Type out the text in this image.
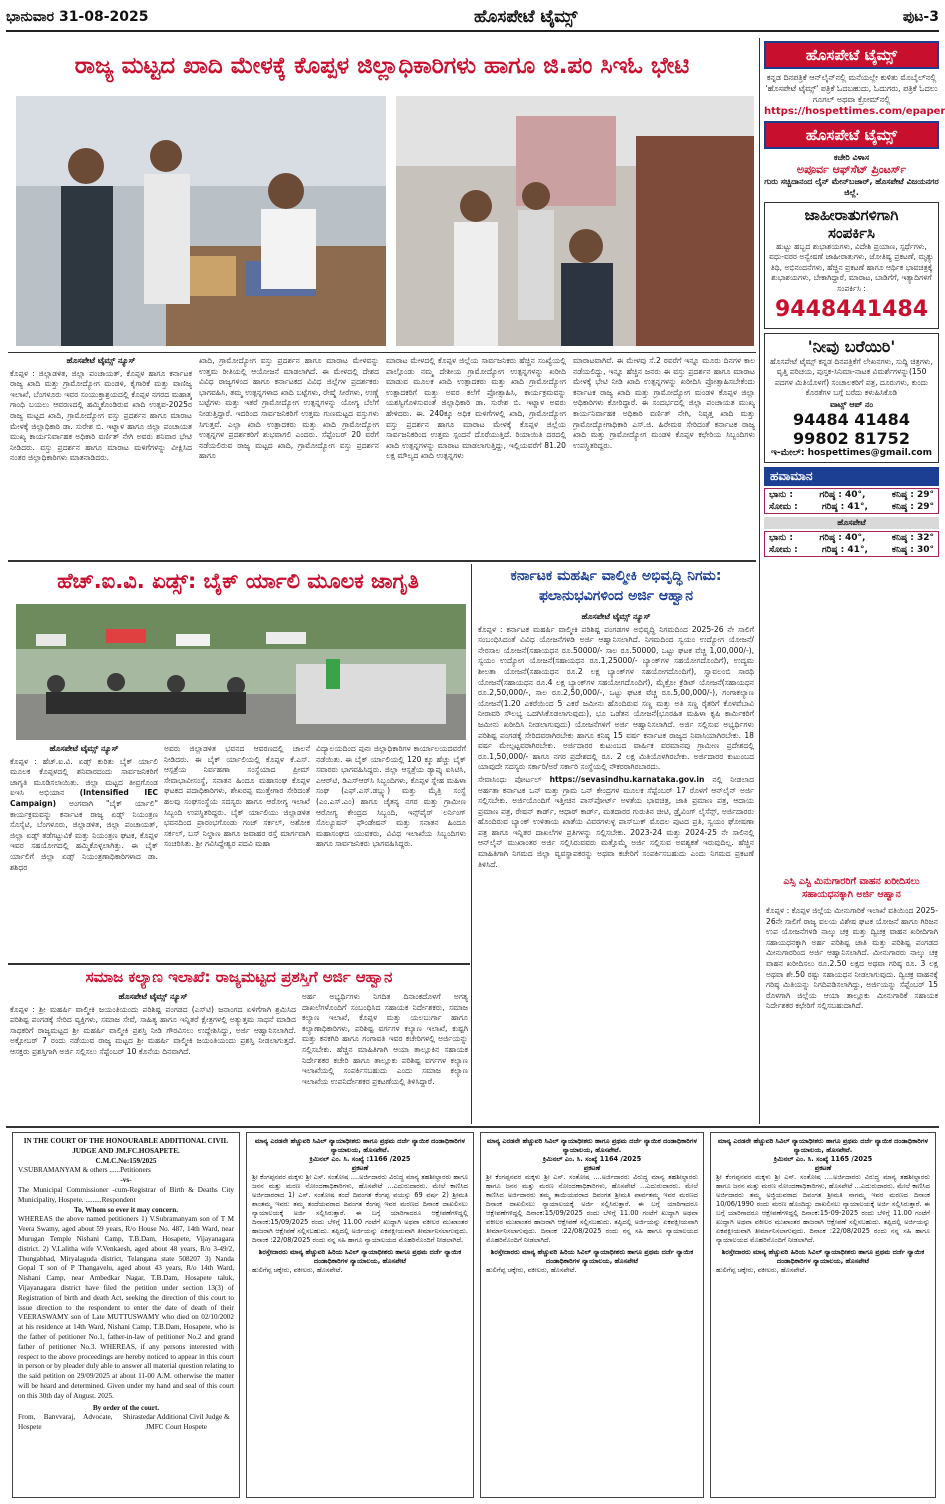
ಭಾನುವಾರ 31-08-2025	ಹೊಸಪೇಟೆ ಟೈಮ್ಸ್	ಪುಟ-3
ರಾಜ್ಯ ಮಟ್ಟದ ಖಾದಿ ಮೇಳಕ್ಕೆ ಕೊಪ್ಪಳ ಜಿಲ್ಲಾಧಿಕಾರಿಗಳು ಹಾಗೂ ಜಿ.ಪಂ ಸಿಇಓ ಭೇಟಿ
ಹೊಸಪೇಟೆ ಟೈಮ್ಸ್ ನ್ಯೂಸ್

ಕೊಪ್ಪಳ : ಜಿಲ್ಲಾಡಳಿತ, ಜಿಲ್ಲಾ ಪಂಚಾಯತ್, ಕೊಪ್ಪಳ ಹಾಗೂ ಕರ್ನಾಟಕ ರಾಜ್ಯ ಖಾದಿ ಮತ್ತು ಗ್ರಾಮೋದ್ಯೋಗ ಮಂಡಳಿ, ಕೈಗಾರಿಕೆ ಮತ್ತು ವಾಣಿಜ್ಯ ಇಲಾಖೆ, ಬೆಂಗಳೂರು ಇವರ ಸಂಯುಕ್ತಾಶ್ರಯದಲ್ಲಿ ಕೊಪ್ಪಳ ನಗರದ ಮಹಾತ್ಮ ಗಾಂಧಿ ಬಯಲು ಆವರಣದಲ್ಲಿ ಹಮ್ಮಿಕೊಂಡಿರುವ ಖಾದಿ ಉತ್ಸವ-2025ರ ರಾಜ್ಯ ಮಟ್ಟದ ಖಾದಿ, ಗ್ರಾಮೋದ್ಯೋಗ ವಸ್ತು ಪ್ರದರ್ಶನ ಹಾಗೂ ಮಾರಾಟ ಮೇಳಕ್ಕೆ ಜಿಲ್ಲಾಧಿಕಾರಿ ಡಾ. ಸುರೇಶ ಬಿ. ಇಟ್ನಾಳ ಹಾಗೂ ಜಿಲ್ಲಾ ಪಂಚಾಯತ ಮುಖ್ಯ ಕಾರ್ಯನಿರ್ವಾಹಕ ಅಧಿಕಾರಿ ವರ್ಣಿತ್ ನೇಗಿ ಅವರು ಶನಿವಾರ ಭೇಟಿ ನೀಡಿದರು. ವಸ್ತು ಪ್ರದರ್ಶನ ಹಾಗೂ ಮಾರಾಟ ಮಳಿಗೆಗಳನ್ನು ವೀಕ್ಷಿಸಿದ ನಂತರ ಜಿಲ್ಲಾಧಿಕಾರಿಗಳು ಮಾತನಾಡಿದರು.

ಖಾದಿ, ಗ್ರಾಮೋದ್ಯೋಗ ವಸ್ತು ಪ್ರದರ್ಶನ ಹಾಗೂ ಮಾರಾಟ ಮೇಳವನ್ನು ಉತ್ತಮ ರೀತಿಯಲ್ಲಿ ಆಯೋಜನೆ ಮಾಡಲಾಗಿದೆ. ಈ ಮೇಳದಲ್ಲಿ ದೇಶದ ವಿವಿಧ ರಾಜ್ಯಗಳಿಂದ ಹಾಗೂ ಕರ್ನಾಟಕದ ವಿವಿಧ ಜಿಲ್ಲೆಗಳ ಪ್ರದರ್ಶಕರು ಭಾಗವಹಿಸಿ, ತಮ್ಮ ಉತ್ಪನ್ನಗಳಾದ ಖಾದಿ ಬಟ್ಟೆಗಳು, ರೇಷ್ಮೆ ಸೀರೆಗಳು, ಉಣ್ಣೆ ಬಟ್ಟೆಗಳು ಮತ್ತು ಇತರೆ ಗ್ರಾಮೋದ್ಯೋಗ ಉತ್ಪನ್ನಗಳನ್ನು ಯೋಗ್ಯ ಬೆಲೆಗೆ ನೀಡುತ್ತಿದ್ದಾರೆ. ಇದರಿಂದ ಸಾರ್ವಜನಿಕರಿಗೆ ಉತ್ತಮ ಗುಣಮಟ್ಟದ ವಸ್ತುಗಳು ಸಿಗುತ್ತವೆ. ಎಲ್ಲಾ ಖಾದಿ ಉತ್ಪಾದಕರು ಮತ್ತು ಖಾದಿ ಗ್ರಾಮೋದ್ಯೋಗ ಉತ್ಪನ್ನಗಳ ಪ್ರದರ್ಶಕರಿಗೆ ಶುಭವಾಗಲಿ ಎಂದರು. ಸೆಪ್ಟೆಂಬರ್ 20 ವರೆಗೆ ನಡೆಯಲಿರುವ ರಾಜ್ಯ ಮಟ್ಟದ ಖಾದಿ, ಗ್ರಾಮೋದ್ಯೋಗ ವಸ್ತು ಪ್ರದರ್ಶನ ಹಾಗೂ

ಮಾರಾಟ ಮೇಳದಲ್ಲಿ ಕೊಪ್ಪಳ ಜಿಲ್ಲೆಯ ಸಾರ್ವಜನಿಕರು ಹೆಚ್ಚಿನ ಸಂಖ್ಯೆಯಲ್ಲಿ ಪಾಲ್ಗೊಂಡು ನಮ್ಮ ದೇಶೀಯ ಗ್ರಾಮೋದ್ಯೋಗ ಉತ್ಪನ್ನಗಳನ್ನು ಖರೀದಿ ಮಾಡುವ ಮೂಲಕ ಖಾದಿ ಉತ್ಪಾದಕರು ಮತ್ತು ಖಾದಿ ಗ್ರಾಮೋದ್ಯೋಗ ಉತ್ಪಾದಕರಿಗೆ ಮತ್ತು ಅವರ ಕಲೆಗೆ ಪ್ರೋತ್ಸಾಹಿಸಿ, ಕಾರ್ಯಕ್ರಮವನ್ನು ಯಶಸ್ವಿಗೊಳಿಸುವಂತೆ ಜಿಲ್ಲಾಧಿಕಾರಿ ಡಾ. ಸುರೇಶ ಬಿ. ಇಟ್ನಾಳ ಅವರು ಹೇಳಿದರು. ಈ. 240ಕ್ಕೂ ಅಧಿಕ ಮಳಿಗೆಗಳಲ್ಲಿ ಖಾದಿ, ಗ್ರಾಮೋದ್ಯೋಗ ವಸ್ತು ಪ್ರದರ್ಶನ ಹಾಗೂ ಮಾರಾಟ ಮೇಳಕ್ಕೆ ಕೊಪ್ಪಳ ಜಿಲ್ಲೆಯ ಸಾರ್ವಜನಿಕರಿಂದ ಉತ್ತಮ ಸ್ಪಂದನೆ ದೊರೆಯುತ್ತಿದೆ. ರಿಯಾಯಿತಿ ದರದಲ್ಲಿ ಖಾದಿ ಉತ್ಪನ್ನಗಳನ್ನು ಮಾರಾಟ ಮಾಡಲಾಗುತ್ತಿದ್ದು, ಇಲ್ಲಿಯವರೆಗೆ 81.20 ಲಕ್ಷ ಮೌಲ್ಯದ ಖಾದಿ ಉತ್ಪನ್ನಗಳು

ಮಾರಾಟವಾಗಿವೆ. ಈ ಮೇಳವು ಸೆ.2 ರವರೆಗೆ ಇನ್ನೂ ಮೂರು ದಿನಗಳ ಕಾಲ ನಡೆಯಲಿದ್ದು, ಇನ್ನೂ ಹೆಚ್ಚಿನ ಜನರು ಈ ವಸ್ತು ಪ್ರದರ್ಶನ ಹಾಗೂ ಮಾರಾಟ ಮೇಳಕ್ಕೆ ಭೇಟಿ ನೀಡಿ ಖಾದಿ ಉತ್ಪನ್ನಗಳನ್ನು ಖರೀದಿಸಿ ಪ್ರೋತ್ಸಾಹಿಸಬೇಕೆಂದು ಕರ್ನಾಟಕ ರಾಜ್ಯ ಖಾದಿ ಮತ್ತು ಗ್ರಾಮೋದ್ಯೋಗ ಮಂಡಳಿ ಕೊಪ್ಪಳ ಜಿಲ್ಲಾ ಅಧಿಕಾರಿಗಳು ಕೋರಿದ್ದಾರೆ. ಈ ಸಂದರ್ಭದಲ್ಲಿ ಜಿಲ್ಲಾ ಪಂಚಾಯತ ಮುಖ್ಯ ಕಾರ್ಯನಿರ್ವಾಹಕ ಅಧಿಕಾರಿ ವರ್ಣಿತ್ ನೇಗಿ, ನಿವೃತ್ತ ಖಾದಿ ಮತ್ತು ಗ್ರಾಮೋದ್ಯೋಗಾಧಿಕಾರಿ ಎಸ್.ಜಿ. ಹಿರೇಮಠ ಸೇರಿದಂತೆ ಕರ್ನಾಟಕ ರಾಜ್ಯ ಖಾದಿ ಮತ್ತು ಗ್ರಾಮೋದ್ಯೋಗ ಮಂಡಳಿ ಕೊಪ್ಪಳ ಕಛೇರಿಯ ಸಿಬ್ಬಂದಿಗಳು ಉಪಸ್ಥಿತರಿದ್ದರು.

ಹೆಚ್.ಐ.ವಿ. ಏಡ್ಸ್: ಬೈಕ್ ರ್ಯಾಲಿ ಮೂಲಕ ಜಾಗೃತಿ
ಹೊಸಪೇಟೆ ಟೈಮ್ಸ್ ನ್ಯೂಸ್

ಕೊಪ್ಪಳ : ಹೆಚ್.ಐ.ವಿ. ಏಡ್ಸ್ ಕುರಿತು ಬೈಕ್ ರ್ಯಾಲಿ ಮೂಲಕ ಕೊಪ್ಪಳದಲ್ಲಿ ಶನಿವಾರದಂದು ಸಾರ್ವಜನಿಕರಿಗೆ ಜಾಗೃತಿ ಮೂಡಿಸಲಾಯಿತು. ಜಿಲ್ಲಾ ಮಟ್ಟದ ತೀವ್ರಗೊಂಡ ಐಇಸಿ ಅಭಿಯಾನ (Intensified IEC Campaign) ಅಂಗವಾಗಿ "ಬೈಕ್ ರ್ಯಾಲಿ" ಕಾರ್ಯಕ್ರಮವನ್ನು ಕರ್ನಾಟಕ ರಾಜ್ಯ ಏಡ್ಸ್ ನಿಯಂತ್ರಣ ಸೊಸೈಟಿ, ಬೆಂಗಳೂರು, ಜಿಲ್ಲಾಡಳಿತ, ಜಿಲ್ಲಾ ಪಂಚಾಯತ್, ಜಿಲ್ಲಾ ಏಡ್ಸ್ ತಡೆಗಟ್ಟುವಿಕೆ ಮತ್ತು ನಿಯಂತ್ರಣ ಘಟಕ, ಕೊಪ್ಪಳ ಇವರ ಸಹಯೋಗದಲ್ಲಿ ಹಮ್ಮಿಕೊಳ್ಳಲಾಗಿತ್ತು. ಈ ಬೈಕ್ ರ್ಯಾಲಿಗೆ ಜಿಲ್ಲಾ ಏಡ್ಸ್ ನಿಯಂತ್ರಣಾಧಿಕಾರಿಗಳಾದ ಡಾ. ಶಶಿಧರ

ಅವರು ಜಿಲ್ಲಾಡಳಿತ ಭವನದ ಆವರಣದಲ್ಲಿ ಚಾಲನೆ ನೀಡಿದರು. ಈ ಬೈಕ್ ರ್ಯಾಲಿಯಲ್ಲಿ ಕೊಪ್ಪಳ ಕೆ.ಎಸ್. ಆಸ್ಪತ್ರೆಯ ನಿರ್ವಹಣಾ ಸಂಸ್ಥೆಯಾದ ಪ್ರೀಮ್ ಸೇವಾಭಾವೀಸಂಸ್ಥೆ, ಸನಾತನ ಹಿಂದೂ ಮಹಾಸಂಘ ಕೊಪ್ಪಳ ಘಟಕದ ಪದಾಧಿಕಾರಿಗಳು, ಶೇಖರಪ್ಪ ಮುತ್ತೇಗಾರ ಸೇರಿದಂತೆ ಹಲವು ಸಂಘಸಂಸ್ಥೆಯ ಸದಸ್ಯರು ಹಾಗೂ ಆರೋಗ್ಯ ಇಲಾಖೆ ಸಿಬ್ಬಂದಿ ಉಪಸ್ಥಿತರಿದ್ದರು. ಬೈಕ್ ರ್ಯಾಲಿಯು ಜಿಲ್ಲಾಡಳಿತ ಭವನದಿಂದ ಪ್ರಾರಂಭಗೊಂಡು ಗಂಜ್ ಸರ್ಕಲ್, ಅಶೋಕ ಸರ್ಕಲ್, ಬಸ್ ನಿಲ್ದಾಣ ಹಾಗೂ ಜವಾಹರ ರಸ್ತೆ ಮಾರ್ಗವಾಗಿ ಸಂಚರಿಸಿತು. ಶ್ರೀ ಗವಿಸಿದ್ದೇಶ್ವರ ಪದವಿ ಮಹಾ

ವಿದ್ಯಾಲಯದಿಂದ ಪುನಃ ಜಿಲ್ಲಾಧಿಕಾರಿಗಳ ಕಾರ್ಯಾಲಯದವರೆಗೆ ನಡೆಯಿತು. ಈ ಬೈಕ್ ರ್ಯಾಲಿಯಲ್ಲಿ 120 ಕ್ಕೂ ಹೆಚ್ಚು ಬೈಕ್ ಸವಾರರು ಭಾಗವಹಿಸಿದ್ದರು. ಜಿಲ್ಲಾ ಆಸ್ಪತ್ರೆಯ ಡ್ಯಾಪ್ಕು ಐಸಿಟಿಸಿ, ಎಆರ್‌ಟಿ, ಡಿಎಸ್‌ಆರ್‌ಸಿ ಸಿಬ್ಬಂದಿಗಳು, ಕೊಪ್ಪಳ ಸ್ನೇಹ ಮಹಿಳಾ ಸಂಘ (ಎಫ್.ಎಸ್.ಡಬ್ಲ್ಯು) ಮತ್ತು ಮೈತ್ರಿ ಸಂಸ್ಥೆ (ಎಂ.ಎಸ್.ಎಂ) ಹಾಗೂ ಚೈತನ್ಯ ನಗರ ಮತ್ತು ಗ್ರಾಮೀಣ ಆರೋಗ್ಯ ಕೇಂದ್ರದ ಸಿಬ್ಬಂದಿ, ಇನ್ಸ್‌ಪೈರ್ ಲರ್ನಿಂಗ್ ಸೊಲ್ಯೂಷನ್ ಫೌಂಡೇಷನ್ ಮತ್ತು ಸನಾತನ ಹಿಂದೂ ಮಹಾಸಂಘದ ಯುವಕರು, ವಿವಿಧ ಇಲಾಖೆಯ ಸಿಬ್ಬಂದಿಗಳು ಹಾಗೂ ಸಾರ್ವಜನಿಕರು ಭಾಗವಹಿಸಿದ್ದರು.

ಕರ್ನಾಟಕ ಮಹರ್ಷಿ ವಾಲ್ಮೀಕಿ ಅಭಿವೃದ್ಧಿ ನಿಗಮ: ಫಲಾನುಭವಿಗಳಿಂದ ಅರ್ಜಿ ಆಹ್ವಾನ
ಹೊಸಪೇಟೆ ಟೈಮ್ಸ್ ನ್ಯೂಸ್

ಕೊಪ್ಪಳ : ಕರ್ನಾಟಕ ಮಹರ್ಷಿ ವಾಲ್ಮೀಕಿ ಪರಿಶಿಷ್ಟ ಪಂಗಡಗಳ ಅಭಿವೃದ್ಧಿ ನಿಗಮದಿಂದ 2025-26 ನೇ ಸಾಲಿಗೆ ಸಂಬಂಧಿಸಿದಂತೆ ವಿವಿಧ ಯೋಜನೆಗಳಡಿ ಅರ್ಜಿ ಆಹ್ವಾನಿಸಲಾಗಿದೆ. ನಿಗಮದಿಂದ ಸ್ವಯಂ ಉದ್ಯೋಗ ಯೋಜನೆ/ನೇರಸಾಲ ಯೋಜನೆ(ಸಹಾಯಧನ ರೂ.50000/- ಸಾಲ ರೂ.50000, ಒಟ್ಟು ಘಟಕ ವೆಚ್ಚ 1,00,000/-), ಸ್ವಯಂ ಉದ್ಯೋಗ ಯೋಜನೆ(ಸಹಾಯಧನ ರೂ.1,25000/- ಬ್ಯಾಂಕ್‌ಗಳ ಸಹಯೋಗದೊಂದಿಗೆ), ಉದ್ಯಮ ಶೀಲತಾ ಯೋಜನೆ(ಸಹಾಯಧನ ರೂ.2 ಲಕ್ಷ ಬ್ಯಾಂಕ್‌ಗಳ ಸಹಯೋಗದೊಂದಿಗೆ), ಸ್ವಾವಲಂಬಿ ಸಾರಥಿ ಯೋಜನೆ(ಸಹಾಯಧನ ರೂ.4 ಲಕ್ಷ ಬ್ಯಾಂಕ್‌ಗಳ ಸಹಯೋಗದೊಂದಿಗೆ), ಮೈಕ್ರೋ ಕ್ರೆಡಿಟ್ ಯೋಜನೆ(ಸಹಾಯಧನ ರೂ.2,50,000/-, ಸಾಲ ರೂ.2,50,000/-, ಒಟ್ಟು ಘಟಕ ವೆಚ್ಚ ರೂ.5,00,000/-), ಗಂಗಾಕಲ್ಯಾಣ ಯೋಜನೆ(1.20 ಎಕರೆಯಿಂದ 5 ಎಕರೆ ಜಮೀನು ಹೊಂದಿರುವ ಸಣ್ಣ ಮತ್ತು ಅತಿ ಸಣ್ಣ ರೈತರಿಗೆ ಕೊಳವೆಬಾವಿ ನೀರಾವರಿ ಸೌಲಭ್ಯ ಒದಗಿಸಿಕೊಡಲಾಗುವುದು), ಭೂ ಒಡೆತನ ಯೋಜನೆ(ಭೂರಹಿತ ಮಹಿಳಾ ಕೃಷಿ ಕಾರ್ಮಿಕರಿಗೆ ಜಮೀನು ಖರೀದಿಸಿ ನೀಡಲಾಗುವುದು) ಯೋಜನೆಗಳಿಗೆ ಅರ್ಜಿ ಆಹ್ವಾನಿಸಲಾಗಿದೆ. ಅರ್ಜಿ ಸಲ್ಲಿಸುವ ಅಭ್ಯರ್ಥಿಗಳು ಪರಿಶಿಷ್ಟ ಪಂಗಡಕ್ಕೆ ಸೇರಿದವರಾಗಿರಬೇಕು ಹಾಗೂ ಕನಿಷ್ಠ 15 ವರ್ಷ ಕರ್ನಾಟಕ ರಾಜ್ಯದ ನಿವಾಸಿಯಾಗಿರಬೇಕು. 18 ವರ್ಷ ಮೇಲ್ಪಟ್ಟವರಾಗಿರಬೇಕು. ಅರ್ಜಿದಾರರ ಕುಟುಂಬದ ವಾರ್ಷಿಕ ವರಮಾನವು ಗ್ರಾಮೀಣ ಪ್ರದೇಶದಲ್ಲಿ ರೂ.1,50,000/- ಹಾಗೂ ನಗರ ಪ್ರದೇಶದಲ್ಲಿ ರೂ. 2 ಲಕ್ಷ ಮಿತಿಯೊಳಗಿರಬೇಕು. ಅರ್ಜಿದಾರರ ಕುಟುಂಬದ ಯಾವುದೇ ಸದಸ್ಯರು ಸರ್ಕಾರಿ/ಅರೆ ಸರ್ಕಾರಿ ಸಂಸ್ಥೆಯಲ್ಲಿ ನೌಕರರಾಗಿರಬಾರದು.

ಸೇವಾಸಿಂಧು ಪೋರ್ಟಲ್ https://sevasindhu.karnataka.gov.in ನಲ್ಲಿ ನೀಡಲಾದ ಅರ್ಹತಾ ಕರ್ನಾಟಕ ಒನ್ ಮತ್ತು ಗ್ರಾಮ ಒನ್ ಕೇಂದ್ರಗಳ ಮೂಲಕ ಸೆಪ್ಟೆಂಬರ್ 17 ರೊಳಗೆ ಆನ್‌ಲೈನ್ ಅರ್ಜಿ ಸಲ್ಲಿಸಬೇಕು. ಅರ್ಜಿಯೊಂದಿಗೆ ಇತ್ತೀಚಿನ ಪಾಸ್‌ಪೋರ್ಟ್ ಅಳತೆಯ ಭಾವಚಿತ್ರ, ಜಾತಿ ಪ್ರಮಾಣ ಪತ್ರ, ಆದಾಯ ಪ್ರಮಾಣ ಪತ್ರ, ರೇಷನ್ ಕಾರ್ಡ್, ಆಧಾರ್ ಕಾರ್ಡ್, ಮತದಾರರ ಗುರುತಿನ ಚೀಟಿ, ಡ್ರೈವಿಂಗ್ ಲೈಸೆನ್ಸ್, ಅರ್ಜಿದಾರರು ಹೊಂದಿರುವ ಬ್ಯಾಂಕ್ ಉಳಿತಾಯ ಖಾತೆಯ ವಿವರಗಳುಳ್ಳ ಪಾಸ್‌ಬುಕ್ ಮೊದಲ ಪುಟದ ಪ್ರತಿ, ಸ್ವಯಂ ಘೋಷಣಾ ಪತ್ರ ಹಾಗೂ ಇನ್ನಿತರ ದಾಖಲೆಗಳ ಪ್ರತಿಗಳನ್ನು ಸಲ್ಲಿಸಬೇಕು. 2023-24 ಮತ್ತು 2024-25 ನೇ ಸಾಲಿನಲ್ಲಿ ಆನ್‌ಲೈನ್ ಮುಖಾಂತರ ಅರ್ಜಿ ಸಲ್ಲಿಸಿರುವವರು ಮತ್ತೊಮ್ಮೆ ಅರ್ಜಿ ಸಲ್ಲಿಸುವ ಅವಶ್ಯಕತೆ ಇರುವುದಿಲ್ಲ. ಹೆಚ್ಚಿನ ಮಾಹಿತಿಗಾಗಿ ನಿಗಮದ ಜಿಲ್ಲಾ ವ್ಯವಸ್ಥಾಪಕರನ್ನು ಅಥವಾ ಕಚೇರಿಗೆ ಸಂಪರ್ಕಿಸಬಹುದು ಎಂದು ನಿಗಮದ ಪ್ರಕಟಣೆ ತಿಳಿಸಿದೆ.

ಸಮಾಜ ಕಲ್ಯಾಣ ಇಲಾಖೆ: ರಾಜ್ಯಮಟ್ಟದ ಪ್ರಶಸ್ತಿಗೆ ಅರ್ಜಿ ಆಹ್ವಾನ
ಹೊಸಪೇಟೆ ಟೈಮ್ಸ್ ನ್ಯೂಸ್

ಕೊಪ್ಪಳ : ಶ್ರೀ ಮಹರ್ಷಿ ವಾಲ್ಮೀಕಿ ಜಯಂತಿಯಂದು ಪರಿಶಿಷ್ಟ ಪಂಗಡದ (ಎಸ್‌ಟಿ) ಜನಾಂಗದ ಏಳಿಗೆಗಾಗಿ ಶ್ರಮಿಸಿದ ಪರಿಶಿಷ್ಟ ಪಂಗಡಕ್ಕೆ ಸೇರಿದ ವ್ಯಕ್ತಿಗಳು, ಸಮಾಜ ಸೇವೆ, ಸಾಹಿತ್ಯ ಹಾಗೂ ಇನ್ನಿತರೆ ಕ್ಷೇತ್ರಗಳಲ್ಲಿ ಅತ್ಯುತ್ತಮ ಸಾಧನೆ ಮಾಡಿದ ಸಾಧಕರಿಗೆ ರಾಜ್ಯಮಟ್ಟದ ಶ್ರೀ ಮಹರ್ಷಿ ವಾಲ್ಮೀಕಿ ಪ್ರಶಸ್ತಿ ನೀಡಿ ಗೌರವಿಸಲು ಉದ್ದೇಶಿಸಿದ್ದು, ಅರ್ಜಿ ಆಹ್ವಾನಿಸಲಾಗಿದೆ. ಅಕ್ಟೋಬರ್ 7 ರಂದು ನಡೆಯುವ ರಾಜ್ಯ ಮಟ್ಟದ ಶ್ರೀ ಮಹರ್ಷಿ ವಾಲ್ಮೀಕಿ ಜಯಂತಿಯಂದು ಪ್ರಶಸ್ತಿ ನೀಡಲಾಗುತ್ತದೆ. ಆಸಕ್ತರು ಪ್ರಶಸ್ತಿಗಾಗಿ ಅರ್ಜಿ ಸಲ್ಲಿಸಲು ಸೆಪ್ಟೆಂಬರ್ 10 ಕೊನೆಯ ದಿನವಾಗಿದೆ.

ಅರ್ಹ ಅಭ್ಯರ್ಥಿಗಳು ನಿಗದಿತ ದಿನಾಂಕದೊಳಗೆ ಅಗತ್ಯ ದಾಖಲೆಗಳೊಂದಿಗೆ ಸಂಬಂಧಿಸಿದ ಸಹಾಯಕ ನಿರ್ದೇಶಕರು, ಸಮಾಜ ಕಲ್ಯಾಣ ಇಲಾಖೆ, ಕೊಪ್ಪಳ ಮತ್ತು ಯಲಬುರ್ಗಾ ಹಾಗೂ ಕಲ್ಯಾಣಾಧಿಕಾರಿಗಳು, ಪರಿಶಿಷ್ಟ ವರ್ಗಗಳ ಕಲ್ಯಾಣ ಇಲಾಖೆ, ಕುಷ್ಟಗಿ ಮತ್ತು ಕನಕಗಿರಿ ಹಾಗೂ ಗಂಗಾವತಿ ಇವರ ಕಚೇರಿಗಳಲ್ಲಿ ಅರ್ಜಿಯನ್ನು ಸಲ್ಲಿಸಬೇಕು. ಹೆಚ್ಚಿನ ಮಾಹಿತಿಗಾಗಿ ಆಯಾ ತಾಲ್ಲೂಕಿನ ಸಹಾಯಕ ನಿರ್ದೇಶಕರ ಕಚೇರಿ ಹಾಗೂ ತಾಲ್ಲೂಕು ಪರಿಶಿಷ್ಟ ವರ್ಗಗಳ ಕಲ್ಯಾಣ ಇಲಾಖೆಯಲ್ಲಿ ಸಂಪರ್ಕಿಸಬಹುದು ಎಂದು ಸಮಾಜ ಕಲ್ಯಾಣ ಇಲಾಖೆಯ ಉಪನಿರ್ದೇಶಕರ ಪ್ರಕಟಣೆಯಲ್ಲಿ ತಿಳಿಸಿದ್ದಾರೆ.

ಎಸ್ಸಿ ಎಸ್ಟಿ ಮಿನುಗಾರರಿಗೆ ವಾಹನ ಖರೀದಿಸಲು ಸಹಾಯಧನಕ್ಕಾಗಿ ಅರ್ಜಿ ಆಹ್ವಾನ

ಕೊಪ್ಪಳ : ಕೊಪ್ಪಳ ಜಿಲ್ಲೆಯ ಮೀನುಗಾರಿಕೆ ಇಲಾಖೆ ವತಿಯಿಂದ 2025-26ನೇ ಸಾಲಿಗೆ ರಾಜ್ಯ ವಲಯ ವಿಶೇಷ ಘಟಕ ಯೋಜನೆ ಹಾಗೂ ಗಿರಿಜನ ಉಪ ಯೋಜನೆಗಳಡಿ ನಾಲ್ಕು ಚಕ್ರ ಮತ್ತು ದ್ವಿಚಕ್ರ ವಾಹನ ಖರೀದಿಗಾಗಿ ಸಹಾಯಧನಕ್ಕಾಗಿ ಅರ್ಹ ಪರಿಶಿಷ್ಟ ಜಾತಿ ಮತ್ತು ಪರಿಶಿಷ್ಟ ಪಂಗಡದ ಮೀನುಗಾರರಿಂದ ಅರ್ಜಿ ಆಹ್ವಾನಿಸಲಾಗಿದೆ. ಮೀನುಗಾರರು ನಾಲ್ಕು ಚಕ್ರ ವಾಹನ ಖರೀದಿಸಲು ರೂ.2.50 ಲಕ್ಷದ ಅಥವಾ ಗರಿಷ್ಠ ರೂ. 3 ಲಕ್ಷ ಅಥವಾ ಶೇ.50 ರಷ್ಟು ಸಹಾಯಧನ ನೀಡಲಾಗುವುದು. ದ್ವಿಚಕ್ರ ವಾಹನಕ್ಕೆ ಗರಿಷ್ಠ ಮಿತಿಯನ್ನು ನಿಗದಿಪಡಿಸಲಾಗಿದ್ದು, ಅರ್ಜಿಯನ್ನು ಸೆಪ್ಟೆಂಬರ್ 15 ರೊಳಗಾಗಿ ಜಿಲ್ಲೆಯ ಆಯಾ ತಾಲ್ಲೂಕು ಮೀನುಗಾರಿಕೆ ಸಹಾಯಕ ನಿರ್ದೇಶಕರ ಕಛೇರಿಗೆ ಸಲ್ಲಿಸಬಹುದಾಗಿದೆ.

ಹೊಸಪೇಟೆ ಟೈಮ್ಸ್
ಕನ್ನಡ ದಿನಪತ್ರಿಕೆ ಆನ್‌ಲೈನ್‌ನಲ್ಲಿ ಮನೆಯಲ್ಲೇ ಕುಳಿತು ಮೊಬೈಲ್‌ನಲ್ಲಿ 'ಹೊಸಪೇಟೆ ಟೈಮ್ಸ್' ಪತ್ರಿಕೆ ಓದಬಹುದು, ಓದುಗರು, ಪತ್ರಿಕೆ ಓದಲು ಗೂಗಲ್ ಅಥವಾ ಕ್ರೋಮ್‌ನಲ್ಲಿ
https://hospettimes.com/epaper
ಹೊಸಪೇಟೆ ಟೈಮ್ಸ್
ಕಚೇರಿ ವಿಳಾಸ
ಅಪೂರ್ವ ಆಫ್‌ಸೆಟ್ ಪ್ರಿಂಟರ್ಸ್
ಗುರು ಸಚ್ಚಿದಾನಂದ ಲೈನ್ ಮೇನ್‌ಬಜಾರ್, ಹೊಸಪೇಟೆ ವಿಜಯನಗರ ಜಿಲ್ಲೆ.
ಜಾಹೀರಾತುಗಳಿಗಾಗಿ
ಸಂಪರ್ಕಿಸಿ
ಹುಟ್ಟು ಹಬ್ಬದ ಶುಭಾಶಯಗಳು, ವಿದೇಶಿ ಪ್ರಯಾಣ, ಸ್ಪರ್ಧೆಗಳು, ವಧು-ವರರ ಅನ್ವೇಷಣೆ ಜಾಹೀರಾತುಗಳು, ಜೋತಿಷ್ಯ ಪ್ರಕಟಣೆ, ಮೃತ್ಯು ತಿಥಿ, ಅಭಿನಂದನೆಗಳು, ಹೆಚ್ಚಿನ ಪ್ರಕಟಣೆ ಹಾಗೂ ಆರ್ಥಿಕ ಭಾವಚಿತ್ರಕ್ಕೆ ಶುಭಾಶಯಗಳು, ಬೇಕಾಗಿದ್ದಾರೆ, ಮಾರಾಟ, ಬಾಡಿಗೆಗೆ, ಇತ್ಯಾದಿಗಳಿಗೆ ಸಂಪರ್ಕಿಸಿ :
9448441484
'ನೀವು ಬರೆಯಿರಿ'
ಹೊಸಪೇಟೆ ಟೈಮ್ಸ್ ಕನ್ನಡ ದಿನಪತ್ರಿಕೆಗೆ ಲೇಖನಗಳು, ಸುದ್ದಿ ಚಿತ್ರಗಳು, ವೃತ್ತಿ ಪರಿಚಯ, ಪುಸ್ತಕ-ಸಿನಿಮಾ-ನಾಟಕ ವಿಮರ್ಶೆಗಳನ್ನು(150 ಪದಗಳ ಮಿತಿಯೊಳಗೆ) ಸಂಚಾಲಕರಿಗೆ ಪತ್ರ, ದೂರುಗಳು, ಕುಂದು ಕೊರತೆಗಳ ಬಗ್ಗೆ ಬರೆದು ಕಳುಹಿಸಿಕೊಡಿ
ವಾಟ್ಸ್ ಆಪ್ ನಂ
94484 41484
99802 81752
ಇ-ಮೇಲ್: hospettimes@gmail.com
ಹವಾಮಾನ
ಭಾನು :	ಗರಿಷ್ಠ : 40°,	ಕನಿಷ್ಠ : 29°
ಸೋಮ :	ಗರಿಷ್ಠ : 41°,	ಕನಿಷ್ಠ : 29°
ಹೊಸಪೇಟೆ
ಭಾನು :	ಗರಿಷ್ಠ : 40°,	ಕನಿಷ್ಠ : 32°
ಸೋಮ :	ಗರಿಷ್ಠ : 41°,	ಕನಿಷ್ಠ : 30°
IN THE COURT OF THE HONOURABLE ADDITIONAL CIVIL JUDGE AND JM.FC.HOSAPETE.
C.M.C.No:159/2025
V.SUBRAMANYAM & others ......Petitioners
-vs-
The Municipal Commissioner -cum-Registrar of Birth & Deaths City Municipality, Hospete. .........Respondent
To, Whom so ever it may concern.
WHEREAS the above named petitioners 1) V.Subramanyam son of T M Veera Swamy, aged about 59 years, R/o House No. 487, 14th Ward, near Murugan Temple Nishani Camp, T.B.Dam, Hosapete, Vijayanagara district. 2) V.Lalitha wife V.Venkaesh, aged about 48 years, R/o 3-49/2, Thungabhad, Miryalaguda district, Telangana state 508207 3) Nanda Gopal T son of P Thangavelu, aged about 43 years, R/o 14th Ward, Nishani Camp, near Ambedkar Nagar, T.B.Dam, Hosapete taluk, Vijayanagara district have filed the petition under section 13(3) of Registration of birth and death Act, seeking the direction of this court to issue direction to the respondent to enter the date of death of their VEERASWAMY son of Late MUTTUSWAMY who died on 02/10/2002 at his residence at 14th Ward, Nishani Camp, T.B.Dam, Hosapete, who is the father of petitioner No.1, father-in-law of petitioner No.2 and grand father of petitioner No.3. WHEREAS, if any persons interested with respect to the above proceedings are hereby noticed to appear in this court in person or by pleader duly able to answer all material question relating to the said petition on 29/09/2025 at about 11-00 A.M. otherwise the matter will be heard and determined. Given under my hand and seal of this court on this 30th day of August. 2025.
By order of the court.
From, Banvvaraj, Advocate, Hospete
Shirastedar Additional Civil Judge & JMFC Court Hospete
ಮಾನ್ಯ ಎರಡನೇ ಹೆಚ್ಚುವರಿ ಸಿವಿಲ್ ನ್ಯಾಯಾಧೀಶರು ಹಾಗೂ ಪ್ರಥಮ ದರ್ಜೆ ನ್ಯಾಯಿಕ ದಂಡಾಧಿಕಾರಿಗಳ ನ್ಯಾಯಾಲಯ, ಹೊಸಪೇಟೆ.
ಕ್ರಿಮಿನಲ್ ಎಂ. ಸಿ. ಸಂಖ್ಯೆ :1166 /2025
ಪ್ರಕಟಣೆ
ಶ್ರೀ ಕೆಂಗಪ್ಪನವರ ಮಕ್ಕಳು ಶ್ರೀ ಎಸ್. ಸಂತೋಷ ....ಅರ್ಜಿದಾರರು ವಿರುದ್ಧ ಮಾನ್ಯ ತಹಶೀಲ್ದಾರರು ಹಾಗೂ ಜನನ ಮತ್ತು ಮರಣ ನೋಂದಣಾಧಿಕಾರಿಗಳು, ಹೊಸಪೇಟೆ ...ಎದುರುದಾರರು. ಮೇಲೆ ಕಾಣಿಸಿದ ಅರ್ಜಿದಾರರಾದ 1) ಎಸ್. ಸಂತೋಷ ತಂದೆ ದಿವಂಗತ ಕೆಂಗಪ್ಪ ವಯಸ್ಸು 69 ವರ್ಷ 2) ಶ್ರೀಮತಿ ಶಾಂತಮ್ಮ ಇವರು ತಮ್ಮ ತಂದೆಯವರಾದ ದಿವಂಗತ ಕೆಂಗಪ್ಪ ಇವರ ಮರಣದ ದಿನಾಂಕ ದಾಖಲಿಸಲು ನ್ಯಾಯಾಲಯಕ್ಕೆ ಅರ್ಜಿ ಸಲ್ಲಿಸಿರುತ್ತಾರೆ. ಈ ಬಗ್ಗೆ ಯಾರಿಗಾದರೂ ಆಕ್ಷೇಪಣೆಗಳಿದ್ದಲ್ಲಿ ದಿನಾಂಕ:15/09/2025 ರಂದು ಬೆಳಿಗ್ಗೆ 11.00 ಗಂಟೆಗೆ ಖುದ್ದಾಗಿ ಅಥವಾ ವಕೀಲರ ಮುಖಾಂತರ ಹಾಜರಾಗಿ ಆಕ್ಷೇಪಣೆ ಸಲ್ಲಿಸಬಹುದು. ತಪ್ಪಿದಲ್ಲಿ ಅರ್ಜಿಯನ್ನು ಏಕಪಕ್ಷೀಯವಾಗಿ ತೀರ್ಮಾನಿಸಲಾಗುವುದು. ದಿನಾಂಕ :22/08/2025 ರಂದು ನನ್ನ ಸಹಿ ಹಾಗೂ ನ್ಯಾಯಾಲಯದ ಮೊಹರಿನೊಂದಿಗೆ ನೀಡಲಾಗಿದೆ.
ಶಿರಸ್ತೇದಾರರು ಮಾನ್ಯ ಹೆಚ್ಚುವರಿ ಹಿರಿಯ ಸಿವಿಲ್ ನ್ಯಾಯಾಧೀಶರು ಹಾಗೂ ಪ್ರಥಮ ದರ್ಜೆ ನ್ಯಾಯಿಕ ದಂಡಾಧಿಕಾರಿಗಳ ನ್ಯಾಯಾಲಯ, ಹೊಸಪೇಟೆ
ಹುಲಿಗೆಪ್ಪ ಚಕ್ಕೇರು, ವಕೀಲರು, ಹೊಸಪೇಟೆ.
ಮಾನ್ಯ ಎರಡನೇ ಹೆಚ್ಚುವರಿ ಸಿವಿಲ್ ನ್ಯಾಯಾಧೀಶರು ಹಾಗೂ ಪ್ರಥಮ ದರ್ಜೆ ನ್ಯಾಯಿಕ ದಂಡಾಧಿಕಾರಿಗಳ ನ್ಯಾಯಾಲಯ, ಹೊಸಪೇಟೆ.
ಕ್ರಿಮಿನಲ್ ಎಂ. ಸಿ. ಸಂಖ್ಯೆ 1164 /2025
ಪ್ರಕಟಣೆ
ಶ್ರೀ ಕೆಂಗಪ್ಪನವರ ಮಕ್ಕಳು ಶ್ರೀ ಎಸ್. ಸಂತೋಷ ....ಅರ್ಜಿದಾರರು ವಿರುದ್ಧ ಮಾನ್ಯ ತಹಶೀಲ್ದಾರರು ಹಾಗೂ ಜನನ ಮತ್ತು ಮರಣ ನೋಂದಣಾಧಿಕಾರಿಗಳು, ಹೊಸಪೇಟೆ ...ಎದುರುದಾರರು. ಮೇಲೆ ಕಾಣಿಸಿದ ಅರ್ಜಿದಾರರು ತಮ್ಮ ತಾಯಿಯವರಾದ ದಿವಂಗತ ಶ್ರೀಮತಿ ಪಾರ್ವತಮ್ಮ ಇವರ ಮರಣದ ದಿನಾಂಕ ದಾಖಲಿಸಲು ನ್ಯಾಯಾಲಯಕ್ಕೆ ಅರ್ಜಿ ಸಲ್ಲಿಸಿರುತ್ತಾರೆ. ಈ ಬಗ್ಗೆ ಯಾರಿಗಾದರೂ ಆಕ್ಷೇಪಣೆಗಳಿದ್ದಲ್ಲಿ ದಿನಾಂಕ:15/09/2025 ರಂದು ಬೆಳಿಗ್ಗೆ 11.00 ಗಂಟೆಗೆ ಖುದ್ದಾಗಿ ಅಥವಾ ವಕೀಲರ ಮುಖಾಂತರ ಹಾಜರಾಗಿ ಆಕ್ಷೇಪಣೆ ಸಲ್ಲಿಸಬಹುದು. ತಪ್ಪಿದಲ್ಲಿ ಅರ್ಜಿಯನ್ನು ಏಕಪಕ್ಷೀಯವಾಗಿ ತೀರ್ಮಾನಿಸಲಾಗುವುದು. ದಿನಾಂಕ :22/08/2025 ರಂದು ನನ್ನ ಸಹಿ ಹಾಗೂ ನ್ಯಾಯಾಲಯದ ಮೊಹರಿನೊಂದಿಗೆ ನೀಡಲಾಗಿದೆ.
ಶಿರಸ್ತೇದಾರರು ಮಾನ್ಯ ಹೆಚ್ಚುವರಿ ಹಿರಿಯ ಸಿವಿಲ್ ನ್ಯಾಯಾಧೀಶರು ಹಾಗೂ ಪ್ರಥಮ ದರ್ಜೆ ನ್ಯಾಯಿಕ ದಂಡಾಧಿಕಾರಿಗಳ ನ್ಯಾಯಾಲಯ, ಹೊಸಪೇಟೆ
ಹುಲಿಗೆಪ್ಪ ಚಕ್ಕೇರು, ವಕೀಲರು, ಹೊಸಪೇಟೆ.
ಮಾನ್ಯ ಎರಡನೇ ಹೆಚ್ಚುವರಿ ಸಿವಿಲ್ ನ್ಯಾಯಾಧೀಶರು ಹಾಗೂ ಪ್ರಥಮ ದರ್ಜೆ ನ್ಯಾಯಿಕ ದಂಡಾಧಿಕಾರಿಗಳ ನ್ಯಾಯಾಲಯ, ಹೊಸಪೇಟೆ.
ಕ್ರಿಮಿನಲ್ ಎಂ. ಸಿ. ಸಂಖ್ಯೆ 1165 /2025
ಪ್ರಕಟಣೆ
ಶ್ರೀ ಕೆಂಗಪ್ಪನವರ ಮಕ್ಕಳು ಶ್ರೀ ಎಸ್. ಸಂತೋಷ ....ಅರ್ಜಿದಾರರು ವಿರುದ್ಧ ಮಾನ್ಯ ತಹಶೀಲ್ದಾರರು ಹಾಗೂ ಜನನ ಮತ್ತು ಮರಣ ನೋಂದಣಾಧಿಕಾರಿಗಳು, ಹೊಸಪೇಟೆ ...ಎದುರುದಾರರು. ಮೇಲೆ ಕಾಣಿಸಿದ ಅರ್ಜಿದಾರರು ತಮ್ಮ ಅಜ್ಜಿಯವರಾದ ದಿವಂಗತ ಶ್ರೀಮತಿ ನಾಗಮ್ಮ ಇವರ ಮರಣದ ದಿನಾಂಕ 10/06/1990 ರಂದು ಮರಣ ಹೊಂದಿದ್ದು ದಾಖಲಿಸಲು ನ್ಯಾಯಾಲಯಕ್ಕೆ ಅರ್ಜಿ ಸಲ್ಲಿಸಿರುತ್ತಾರೆ. ಈ ಬಗ್ಗೆ ಯಾರಿಗಾದರೂ ಆಕ್ಷೇಪಣೆಗಳಿದ್ದಲ್ಲಿ ದಿನಾಂಕ:15-09-2025 ರಂದು ಬೆಳಿಗ್ಗೆ 11.00 ಗಂಟೆಗೆ ಖುದ್ದಾಗಿ ಅಥವಾ ವಕೀಲರ ಮುಖಾಂತರ ಹಾಜರಾಗಿ ಆಕ್ಷೇಪಣೆ ಸಲ್ಲಿಸಬಹುದು. ತಪ್ಪಿದಲ್ಲಿ ಅರ್ಜಿಯನ್ನು ಏಕಪಕ್ಷೀಯವಾಗಿ ತೀರ್ಮಾನಿಸಲಾಗುವುದು. ದಿನಾಂಕ :22/08/2025 ರಂದು ನನ್ನ ಸಹಿ ಹಾಗೂ ನ್ಯಾಯಾಲಯದ ಮೊಹರಿನೊಂದಿಗೆ ನೀಡಲಾಗಿದೆ.
ಶಿರಸ್ತೇದಾರರು ಮಾನ್ಯ ಹೆಚ್ಚುವರಿ ಹಿರಿಯ ಸಿವಿಲ್ ನ್ಯಾಯಾಧೀಶರು ಹಾಗೂ ಪ್ರಥಮ ದರ್ಜೆ ನ್ಯಾಯಿಕ ದಂಡಾಧಿಕಾರಿಗಳ ನ್ಯಾಯಾಲಯ, ಹೊಸಪೇಟೆ
ಹುಲಿಗೆಪ್ಪ ಚಕ್ಕೇರು, ವಕೀಲರು, ಹೊಸಪೇಟೆ.
